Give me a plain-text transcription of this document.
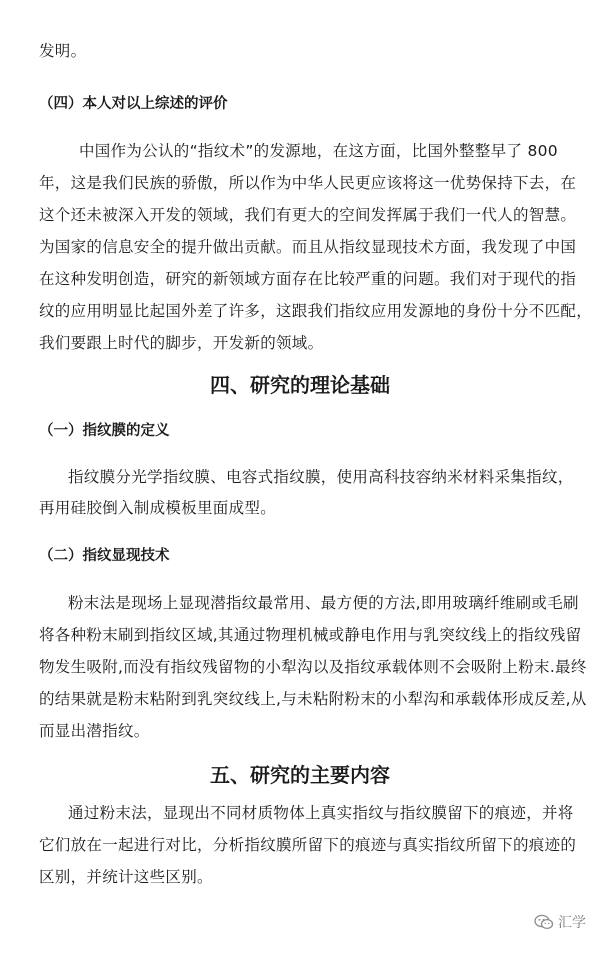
发明。
（四）本人对以上综述的评价
中国作为公认的“指纹术”的发源地，在这方面，比国外整整早了 800
年，这是我们民族的骄傲，所以作为中华人民更应该将这一优势保持下去，在
这个还未被深入开发的领域，我们有更大的空间发挥属于我们一代人的智慧。
为国家的信息安全的提升做出贡献。而且从指纹显现技术方面，我发现了中国
在这种发明创造，研究的新领域方面存在比较严重的问题。我们对于现代的指
纹的应用明显比起国外差了许多，这跟我们指纹应用发源地的身份十分不匹配，
我们要跟上时代的脚步，开发新的领域。
四、研究的理论基础
（一）指纹膜的定义
指纹膜分光学指纹膜、电容式指纹膜，使用高科技容纳米材料采集指纹，
再用硅胶倒入制成模板里面成型。
（二）指纹显现技术
粉末法是现场上显现潜指纹最常用、最方便的方法,即用玻璃纤维刷或毛刷
将各种粉末刷到指纹区域,其通过物理机械或静电作用与乳突纹线上的指纹残留
物发生吸附,而没有指纹残留物的小犁沟以及指纹承载体则不会吸附上粉末.最终
的结果就是粉末粘附到乳突纹线上,与未粘附粉末的小犁沟和承载体形成反差,从
而显出潜指纹。
五、研究的主要内容
通过粉末法，显现出不同材质物体上真实指纹与指纹膜留下的痕迹，并将
它们放在一起进行对比，分析指纹膜所留下的痕迹与真实指纹所留下的痕迹的
区别，并统计这些区别。
汇学
